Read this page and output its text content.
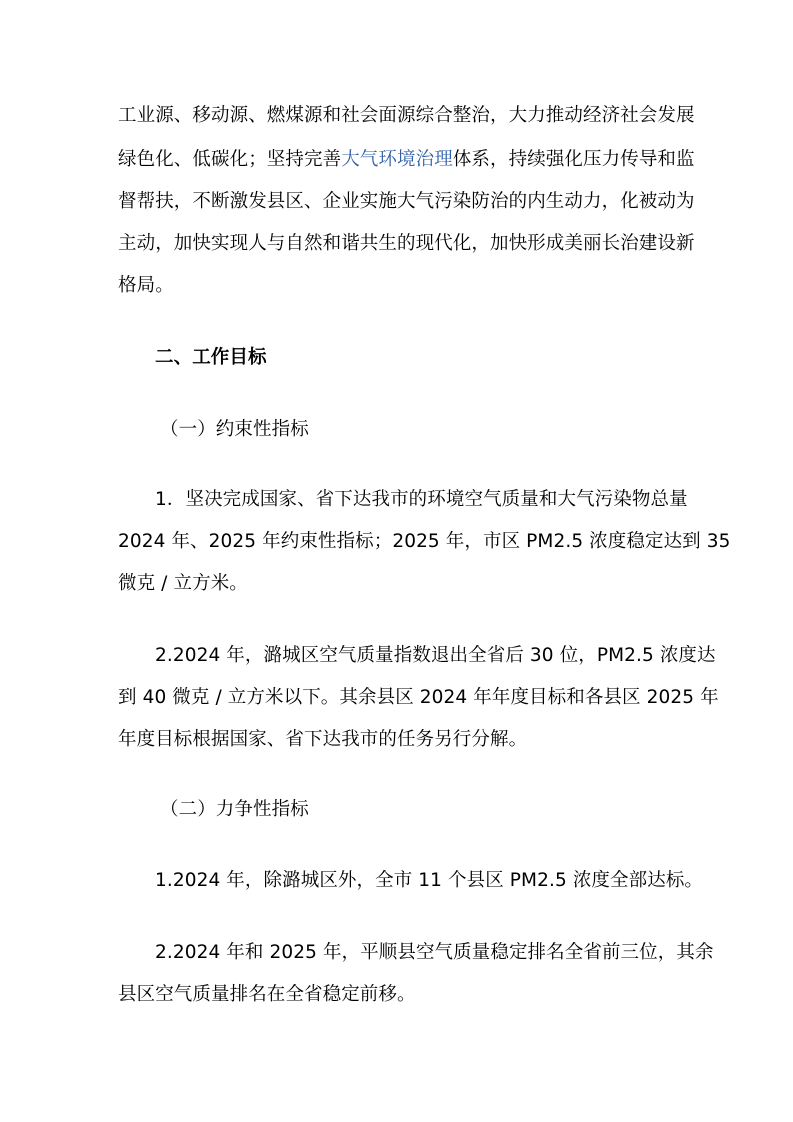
工业源、移动源、燃煤源和社会面源综合整治，大力推动经济社会发展
绿色化、低碳化；坚持完善大气环境治理体系，持续强化压力传导和监
督帮扶，不断激发县区、企业实施大气污染防治的内生动力，化被动为
主动，加快实现人与自然和谐共生的现代化，加快形成美丽长治建设新
格局。
二、工作目标
（一）约束性指标
1．坚决完成国家、省下达我市的环境空气质量和大气污染物总量
2024 年、2025 年约束性指标；2025 年，市区 PM2.5 浓度稳定达到 35
微克 / 立方米。
2.2024 年，潞城区空气质量指数退出全省后 30 位，PM2.5 浓度达
到 40 微克 / 立方米以下。其余县区 2024 年年度目标和各县区 2025 年
年度目标根据国家、省下达我市的任务另行分解。
（二）力争性指标
1.2024 年，除潞城区外，全市 11 个县区 PM2.5 浓度全部达标。
2.2024 年和 2025 年，平顺县空气质量稳定排名全省前三位，其余
县区空气质量排名在全省稳定前移。
